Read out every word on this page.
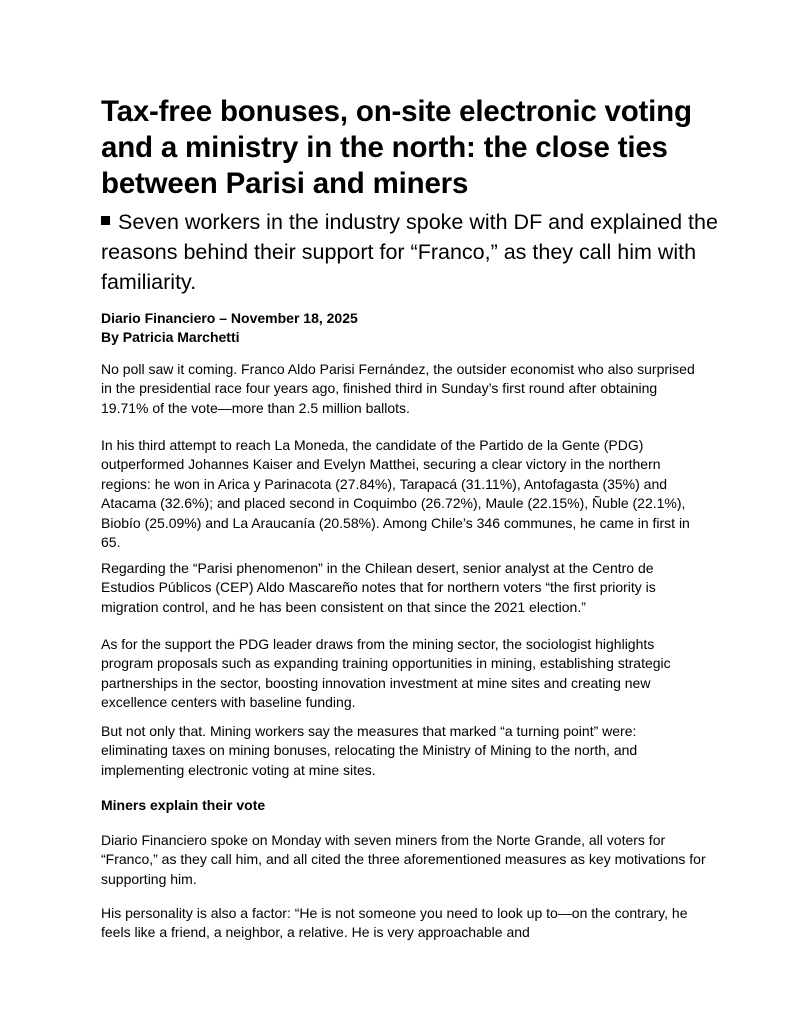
Tax-free bonuses, on-site electronic voting and a ministry in the north: the close ties between Parisi and miners

Seven workers in the industry spoke with DF and explained the reasons behind their support for “Franco,” as they call him with familiarity.

Diario Financiero – November 18, 2025
By Patricia Marchetti

No poll saw it coming. Franco Aldo Parisi Fernández, the outsider economist who also surprised in the presidential race four years ago, finished third in Sunday’s first round after obtaining 19.71% of the vote—more than 2.5 million ballots.

In his third attempt to reach La Moneda, the candidate of the Partido de la Gente (PDG) outperformed Johannes Kaiser and Evelyn Matthei, securing a clear victory in the northern regions: he won in Arica y Parinacota (27.84%), Tarapacá (31.11%), Antofagasta (35%) and Atacama (32.6%); and placed second in Coquimbo (26.72%), Maule (22.15%), Ñuble (22.1%), Biobío (25.09%) and La Araucanía (20.58%). Among Chile’s 346 communes, he came in first in 65.

Regarding the “Parisi phenomenon” in the Chilean desert, senior analyst at the Centro de Estudios Públicos (CEP) Aldo Mascareño notes that for northern voters “the first priority is migration control, and he has been consistent on that since the 2021 election.”

As for the support the PDG leader draws from the mining sector, the sociologist highlights program proposals such as expanding training opportunities in mining, establishing strategic partnerships in the sector, boosting innovation investment at mine sites and creating new excellence centers with baseline funding.

But not only that. Mining workers say the measures that marked “a turning point” were: eliminating taxes on mining bonuses, relocating the Ministry of Mining to the north, and implementing electronic voting at mine sites.

Miners explain their vote

Diario Financiero spoke on Monday with seven miners from the Norte Grande, all voters for “Franco,” as they call him, and all cited the three aforementioned measures as key motivations for supporting him.

His personality is also a factor: “He is not someone you need to look up to—on the contrary, he feels like a friend, a neighbor, a relative. He is very approachable and
